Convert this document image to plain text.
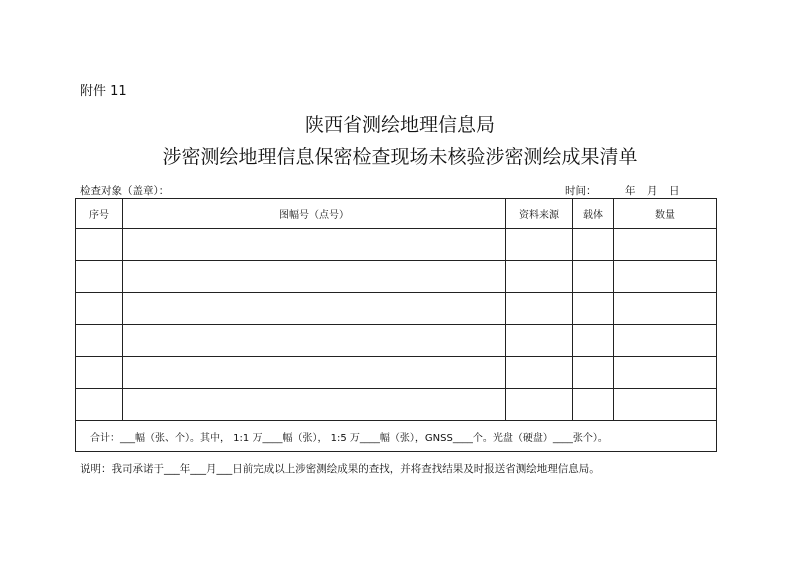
附件 11
陕西省测绘地理信息局
涉密测绘地理信息保密检查现场未核验涉密测绘成果清单
检查对象（盖章）：	时间：	年	月	日
序号	图幅号（点号）	资料来源	载体	数量

合计：___幅（张、个）。其中， 1:1 万____幅（张）， 1:5 万____幅（张），GNSS____个。光盘（硬盘）____张个）。				
说明：我司承诺于___年___月___日前完成以上涉密测绘成果的查找，并将查找结果及时报送省测绘地理信息局。
